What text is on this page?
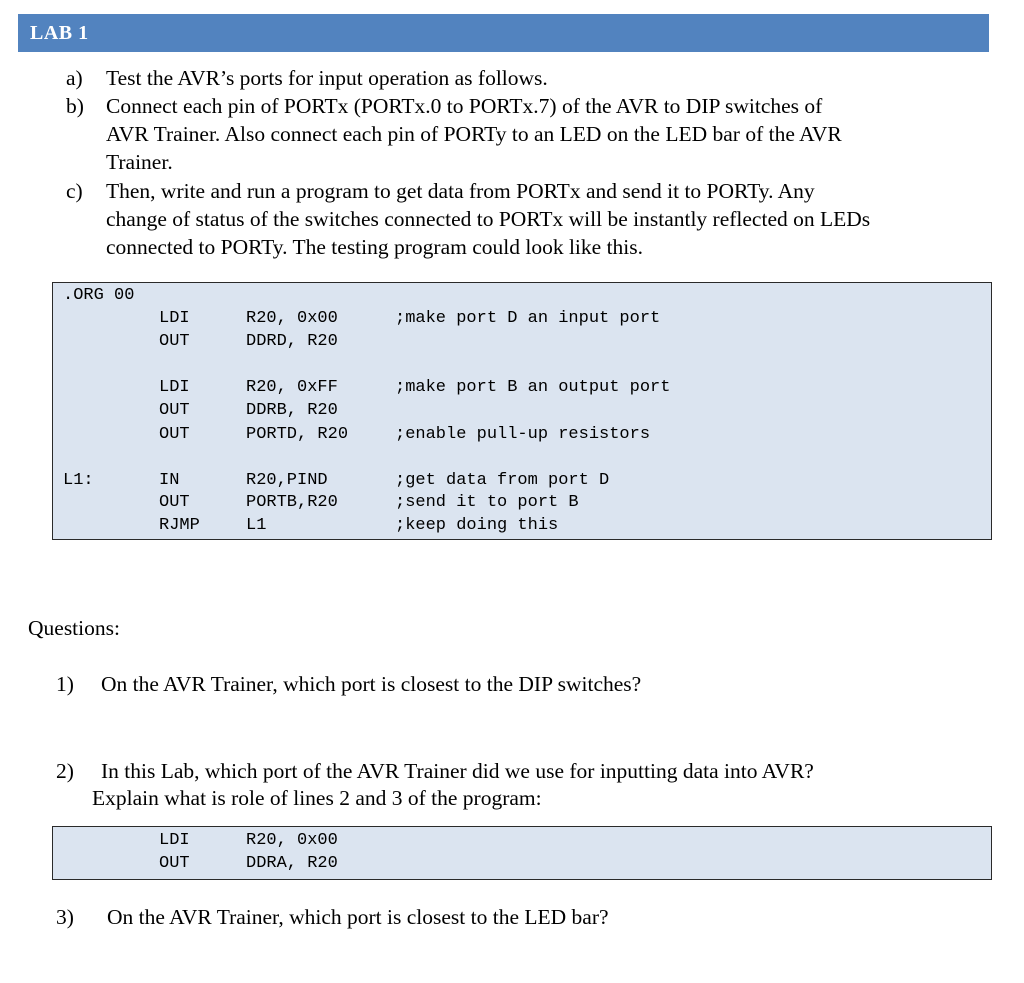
LAB 1
a) Test the AVR’s ports for input operation as follows.
b) Connect each pin of PORTx (PORTx.0 to PORTx.7) of the AVR to DIP switches of
AVR Trainer. Also connect each pin of PORTy to an LED on the LED bar of the AVR
Trainer.
c) Then, write and run a program to get data from PORTx and send it to PORTy. Any
change of status of the switches connected to PORTx will be instantly reflected on LEDs
connected to PORTy. The testing program could look like this.
.ORG 00
LDI	R20, 0x00	;make port D an input port
OUT	DDRD, R20
LDI	R20, 0xFF	;make port B an output port
OUT	DDRB, R20
OUT	PORTD, R20	;enable pull-up resistors
L1:	IN	R20,PIND	;get data from port D
OUT	PORTB,R20	;send it to port B
RJMP	L1	;keep doing this
Questions:
1) On the AVR Trainer, which port is closest to the DIP switches?
2) In this Lab, which port of the AVR Trainer did we use for inputting data into AVR?
Explain what is role of lines 2 and 3 of the program:
LDI	R20, 0x00
OUT	DDRA, R20
3) On the AVR Trainer, which port is closest to the LED bar?
